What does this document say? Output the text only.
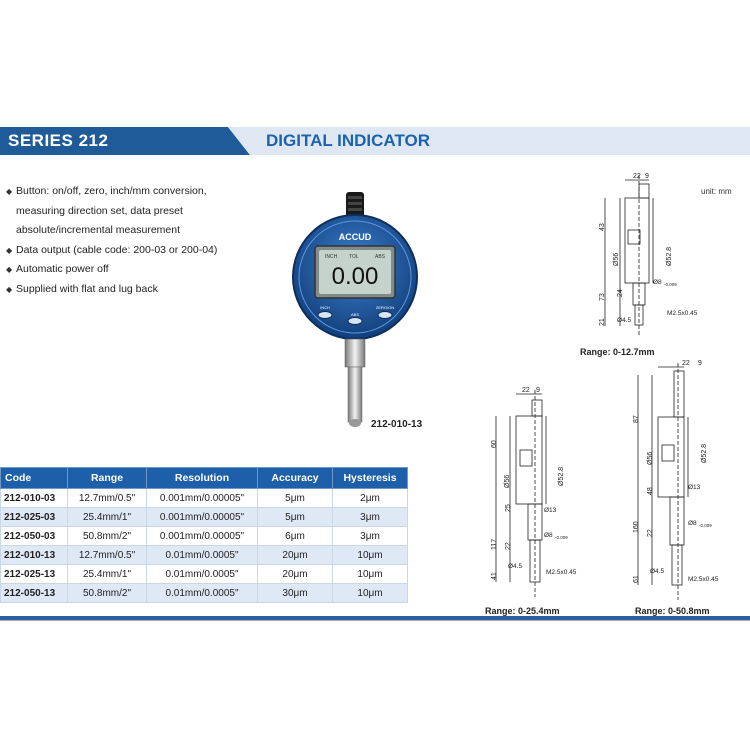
SERIES 212	DIGITAL INDICATOR
◆ Button: on/off, zero, inch/mm conversion,
measuring direction set, data preset
absolute/incremental measurement
◆ Data output (cable code: 200-03 or 200-04)
◆ Automatic power off
◆ Supplied with flat and lug back
ACCUD
INCH TOL	ABS
0.00
INCH
ABS
ZERO/ON
212-010-13
unit: mm
22 9
43
73
24
21
Ø56	Ø52.8
Ø8 -0.009
Ø4.5
M2.5x0.45
Range: 0-12.7mm
22 9
60
117
25
22
41
Ø56	Ø52.8
Ø13
Ø8 -0.009
Ø4.5
M2.5x0.45
Range: 0-25.4mm
22 9
87
160
48
22
61
Ø56	Ø52.8
Ø13
Ø8 -0.009
Ø4.5
M2.5x0.45
Range: 0-50.8mm
Code	Range	Resolution	Accuracy	Hysteresis
212-010-03	12.7mm/0.5"	0.001mm/0.00005"	5μm	2μm
212-025-03	25.4mm/1"	0.001mm/0.00005"	5μm	3μm
212-050-03	50.8mm/2"	0.001mm/0.00005"	6μm	3μm
212-010-13	12.7mm/0.5"	0.01mm/0.0005"	20μm	10μm
212-025-13	25.4mm/1"	0.01mm/0.0005"	20μm	10μm
212-050-13	50.8mm/2"	0.01mm/0.0005"	30μm	10μm
